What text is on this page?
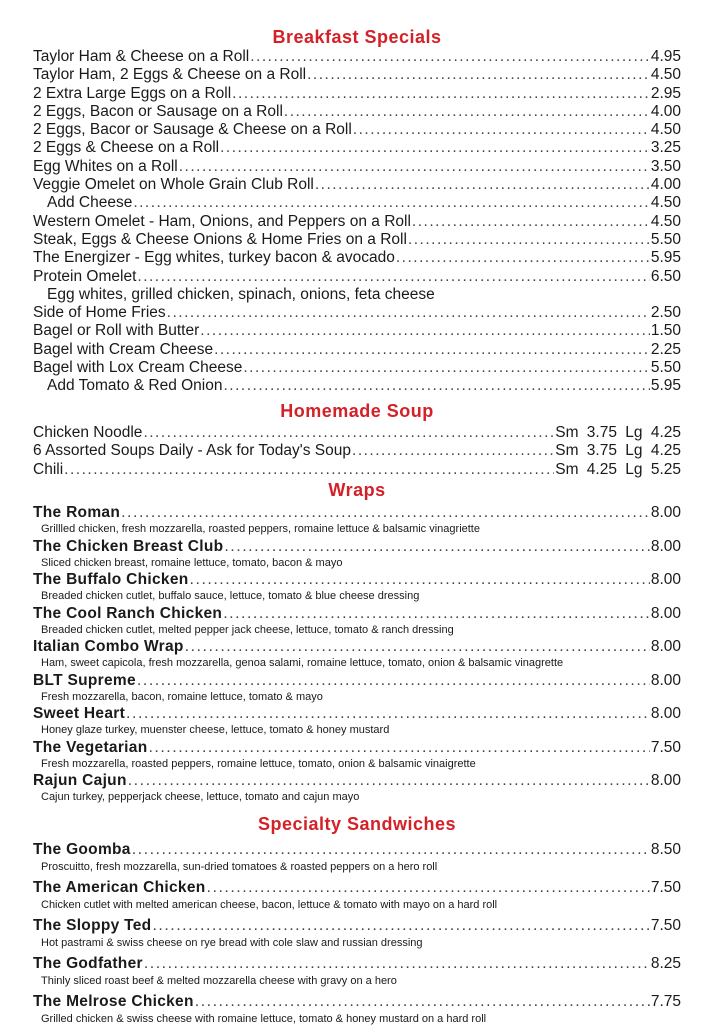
Breakfast Specials
Taylor Ham & Cheese on a Roll .....	4.95
Taylor Ham, 2 Eggs & Cheese on a Roll .....	4.50
2 Extra Large Eggs on a Roll .....	2.95
2 Eggs, Bacon or Sausage on a Roll .....	4.00
2 Eggs, Bacor or Sausage & Cheese on a Roll .....	4.50
2 Eggs & Cheese on a Roll .....	3.25
Egg Whites on a Roll .....	3.50
Veggie Omelet on Whole Grain Club Roll .....	4.00
Add Cheese .....	4.50
Western Omelet - Ham, Onions, and Peppers on a Roll .....	4.50
Steak, Eggs & Cheese Onions & Home Fries on a Roll .....	5.50
The Energizer - Egg whites, turkey bacon & avocado .....	5.95
Protein Omelet .....	6.50
Egg whites, grilled chicken, spinach, onions, feta cheese
Side of Home Fries .....	2.50
Bagel or Roll with Butter .....	1.50
Bagel with Cream Cheese .....	2.25
Bagel with Lox Cream Cheese .....	5.50
Add Tomato & Red Onion .....	5.95
Homemade Soup
Chicken Noodle .....	Sm 3.75 Lg 4.25
6 Assorted Soups Daily - Ask for Today's Soup .....	Sm 3.75 Lg 4.25
Chili .....	Sm 4.25 Lg 5.25
Wraps
The Roman .....	8.00
Grillled chicken, fresh mozzarella, roasted peppers, romaine lettuce & balsamic vinagriette
The Chicken Breast Club .....	8.00
Sliced chicken breast, romaine lettuce, tomato, bacon & mayo
The Buffalo Chicken .....	8.00
Breaded chicken cutlet, buffalo sauce, lettuce, tomato & blue cheese dressing
The Cool Ranch Chicken .....	8.00
Breaded chicken cutlet, melted pepper jack cheese, lettuce, tomato & ranch dressing
Italian Combo Wrap .....	8.00
Ham, sweet capicola, fresh mozzarella, genoa salami, romaine lettuce, tomato, onion & balsamic vinagrette
BLT Supreme .....	8.00
Fresh mozzarella, bacon, romaine lettuce, tomato & mayo
Sweet Heart .....	8.00
Honey glaze turkey, muenster cheese, lettuce, tomato & honey mustard
The Vegetarian .....	7.50
Fresh mozzarella, roasted peppers, romaine lettuce, tomato, onion & balsamic vinaigrette
Rajun Cajun .....	8.00
Cajun turkey, pepperjack cheese, lettuce, tomato and cajun mayo
Specialty Sandwiches
The Goomba .....	8.50
Proscuitto, fresh mozzarella, sun-dried tomatoes & roasted peppers on a hero roll
The American Chicken .....	7.50
Chicken cutlet with melted american cheese, bacon, lettuce & tomato with mayo on a hard roll
The Sloppy Ted .....	7.50
Hot pastrami & swiss cheese on rye bread with cole slaw and russian dressing
The Godfather .....	8.25
Thinly sliced roast beef & melted mozzarella cheese with gravy on a hero
The Melrose Chicken .....	7.75
Grilled chicken & swiss cheese with romaine lettuce, tomato & honey mustard on a hard roll
